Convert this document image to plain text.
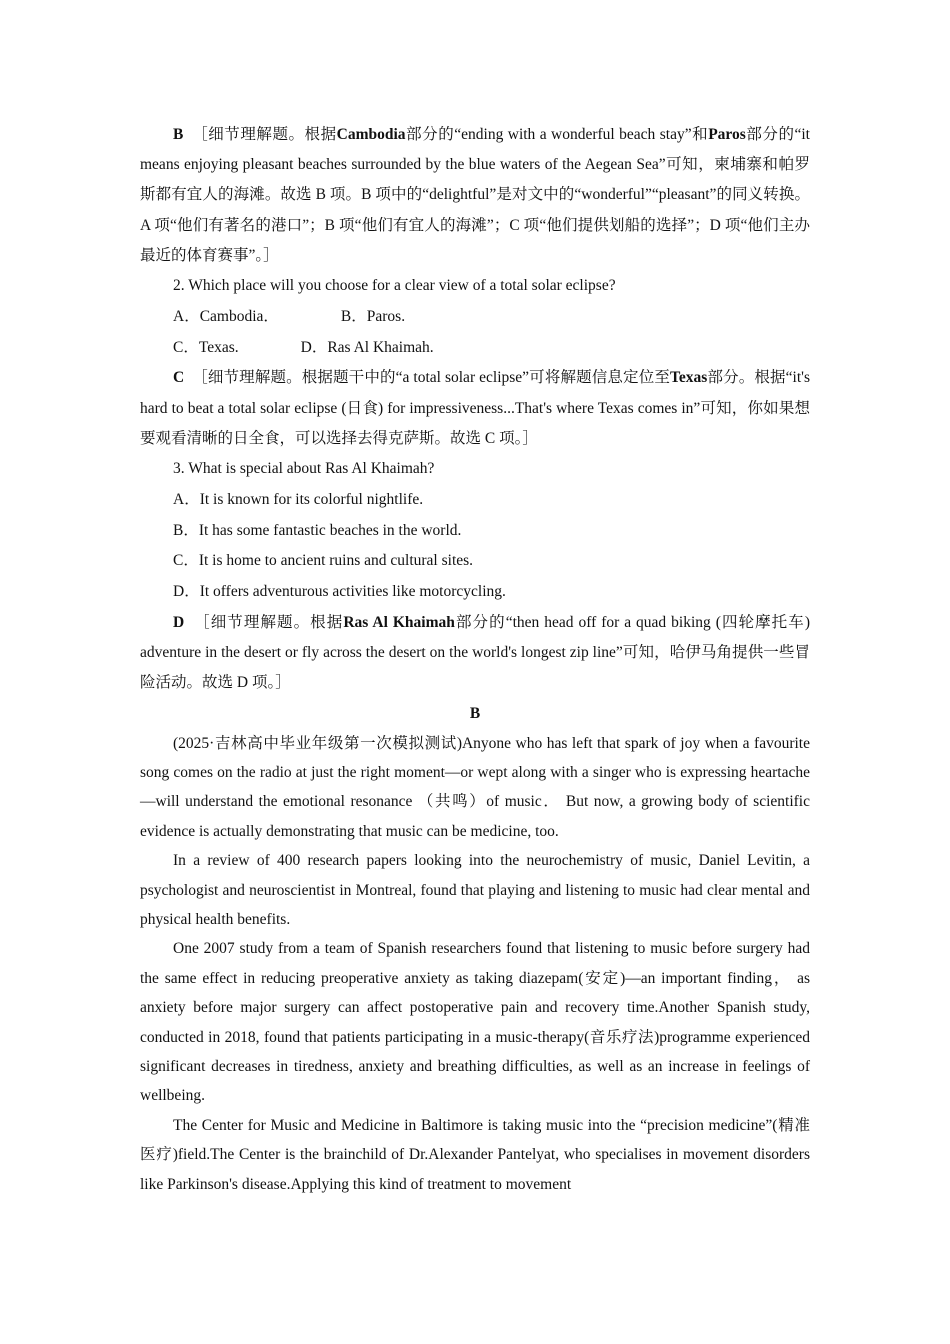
B ［细节理解题。根据Cambodia部分的“ending with a wonderful beach stay”和Paros部分的“it means enjoying pleasant beaches surrounded by the blue waters of the Aegean Sea”可知，柬埔寨和帕罗斯都有宜人的海滩。故选 B 项。B 项中的“delightful”是对文中的“wonderful”“pleasant”的同义转换。A 项“他们有著名的港口”；B 项“他们有宜人的海滩”；C 项“他们提供划船的选择”；D 项“他们主办最近的体育赛事”。］

2. Which place will you choose for a clear view of a total solar eclipse?

A．Cambodia．	B．Paros.

C．Texas.	D．Ras Al Khaimah.

C ［细节理解题。根据题干中的“a total solar eclipse”可将解题信息定位至Texas部分。根据“it's hard to beat a total solar eclipse (日食) for impressiveness...That's where Texas comes in”可知，你如果想要观看清晰的日全食，可以选择去得克萨斯。故选 C 项。］

3. What is special about Ras Al Khaimah?

A．It is known for its colorful nightlife.

B．It has some fantastic beaches in the world.

C．It is home to ancient ruins and cultural sites.

D．It offers adventurous activities like motorcycling.

D ［细节理解题。根据Ras Al Khaimah部分的“then head off for a quad biking (四轮摩托车) adventure in the desert or fly across the desert on the world's longest zip line”可知，哈伊马角提供一些冒险活动。故选 D 项。］

B

(2025·吉林高中毕业年级第一次模拟测试)Anyone who has left that spark of joy when a favourite song comes on the radio at just the right moment—or wept along with a singer who is expressing heartache—will understand the emotional resonance （共鸣）of music． But now, a growing body of scientific evidence is actually demonstrating that music can be medicine, too.

In a review of 400 research papers looking into the neurochemistry of music, Daniel Levitin, a psychologist and neuroscientist in Montreal, found that playing and listening to music had clear mental and physical health benefits.

One 2007 study from a team of Spanish researchers found that listening to music before surgery had the same effect in reducing preoperative anxiety as taking diazepam(安定)—an important finding， as anxiety before major surgery can affect postoperative pain and recovery time.Another Spanish study, conducted in 2018, found that patients participating in a music-therapy(音乐疗法)programme experienced significant decreases in tiredness, anxiety and breathing difficulties, as well as an increase in feelings of wellbeing.

The Center for Music and Medicine in Baltimore is taking music into the “precision medicine”(精准医疗)field.The Center is the brainchild of Dr.Alexander Pantelyat, who specialises in movement disorders like Parkinson's disease.Applying this kind of treatment to movement
